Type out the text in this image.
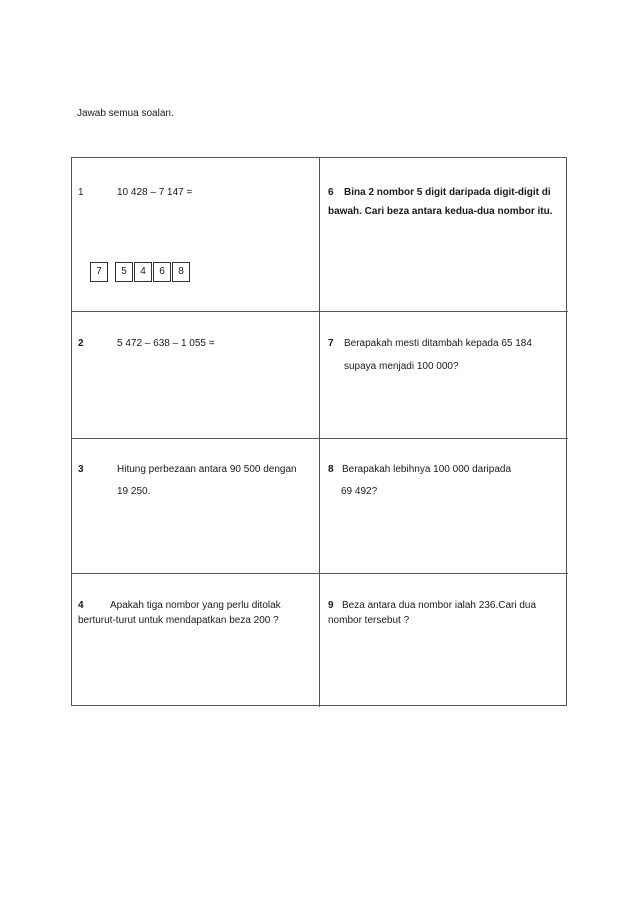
Jawab semua soalan.
1	10 428 – 7 147 =
7	5	4	6	8
6 Bina 2 nombor 5 digit daripada digit-digit di
bawah. Cari beza antara kedua-dua nombor itu.
2	5 472 – 638 – 1 055 =	7 Berapakah mesti ditambah kepada 65 184
supaya menjadi 100 000?
3	Hitung perbezaan antara 90 500 dengan
19 250.
8 Berapakah lebihnya 100 000 daripada
69 492?
4	Apakah tiga nombor yang perlu ditolak
berturut-turut untuk mendapatkan beza 200 ?
9 Beza antara dua nombor ialah 236.Cari dua
nombor tersebut ?
